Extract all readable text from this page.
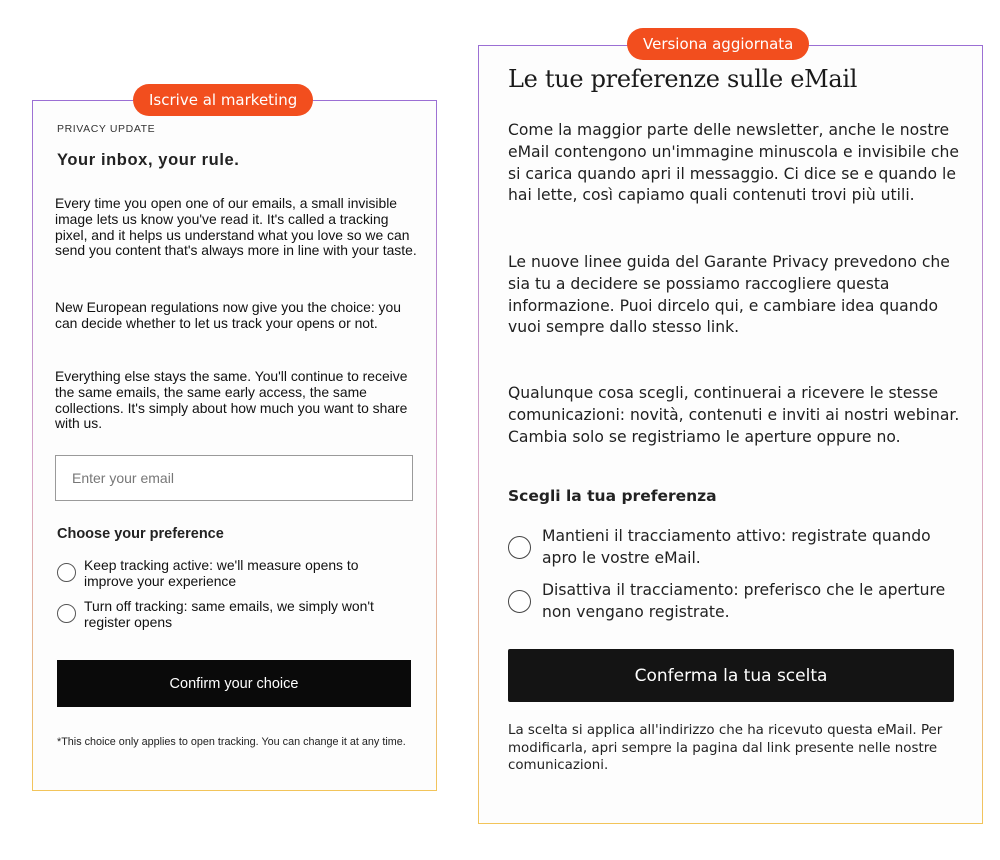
Iscrive al marketing
PRIVACY UPDATE
Your inbox, your rule.

Every time you open one of our emails, a small invisible image lets us know you've read it. It's called a tracking pixel, and it helps us understand what you love so we can send you content that's always more in line with your taste.

New European regulations now give you the choice: you can decide whether to let us track your opens or not.

Everything else stays the same. You'll continue to receive the same emails, the same early access, the same collections. It's simply about how much you want to share with us.

Enter your email
Choose your preference
Keep tracking active: we'll measure opens to improve your experience
Turn off tracking: same emails, we simply won't register opens
Confirm your choice

*This choice only applies to open tracking. You can change it at any time.

Versiona aggiornata
Le tue preferenze sulle eMail

Come la maggior parte delle newsletter, anche le nostre eMail contengono un'immagine minuscola e invisibile che si carica quando apri il messaggio. Ci dice se e quando le hai lette, così capiamo quali contenuti trovi più utili.

Le nuove linee guida del Garante Privacy prevedono che sia tu a decidere se possiamo raccogliere questa informazione. Puoi dircelo qui, e cambiare idea quando vuoi sempre dallo stesso link.

Qualunque cosa scegli, continuerai a ricevere le stesse comunicazioni: novità, contenuti e inviti ai nostri webinar. Cambia solo se registriamo le aperture oppure no.

Scegli la tua preferenza
Mantieni il tracciamento attivo: registrate quando apro le vostre eMail.
Disattiva il tracciamento: preferisco che le aperture non vengano registrate.
Conferma la tua scelta

La scelta si applica all'indirizzo che ha ricevuto questa eMail. Per modificarla, apri sempre la pagina dal link presente nelle nostre comunicazioni.
